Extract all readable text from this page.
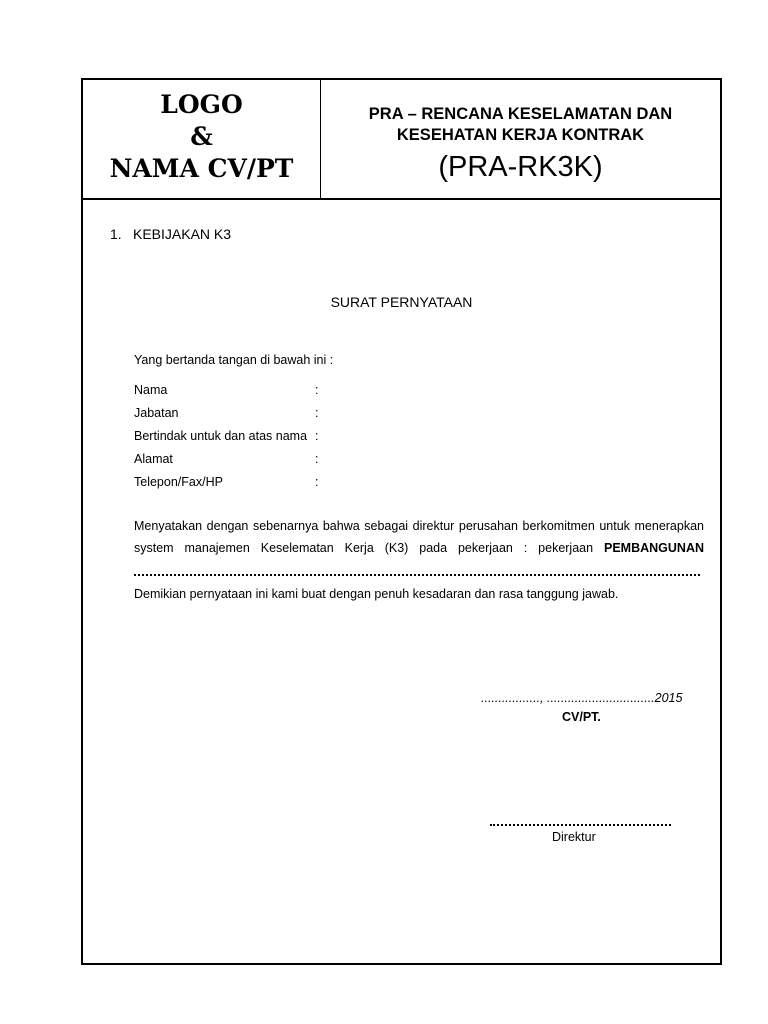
LOGO
&
NAMA CV/PT
PRA – RENCANA KESELAMATAN DAN
KESEHATAN KERJA KONTRAK
(PRA-RK3K)
1. KEBIJAKAN K3
SURAT PERNYATAAN
Yang bertanda tangan di bawah ini :
Nama	:
Jabatan	:
Bertindak untuk dan atas nama :
Alamat	:
Telepon/Fax/HP	:
Menyatakan dengan sebenarnya bahwa sebagai direktur perusahan berkomitmen untuk menerapkan
system manajemen Keselematan Kerja (K3) pada pekerjaan : pekerjaan PEMBANGUNAN
Demikian pernyataan ini kami buat dengan penuh kesadaran dan rasa tanggung jawab.
................., ...............................2015
CV/PT.
Direktur
